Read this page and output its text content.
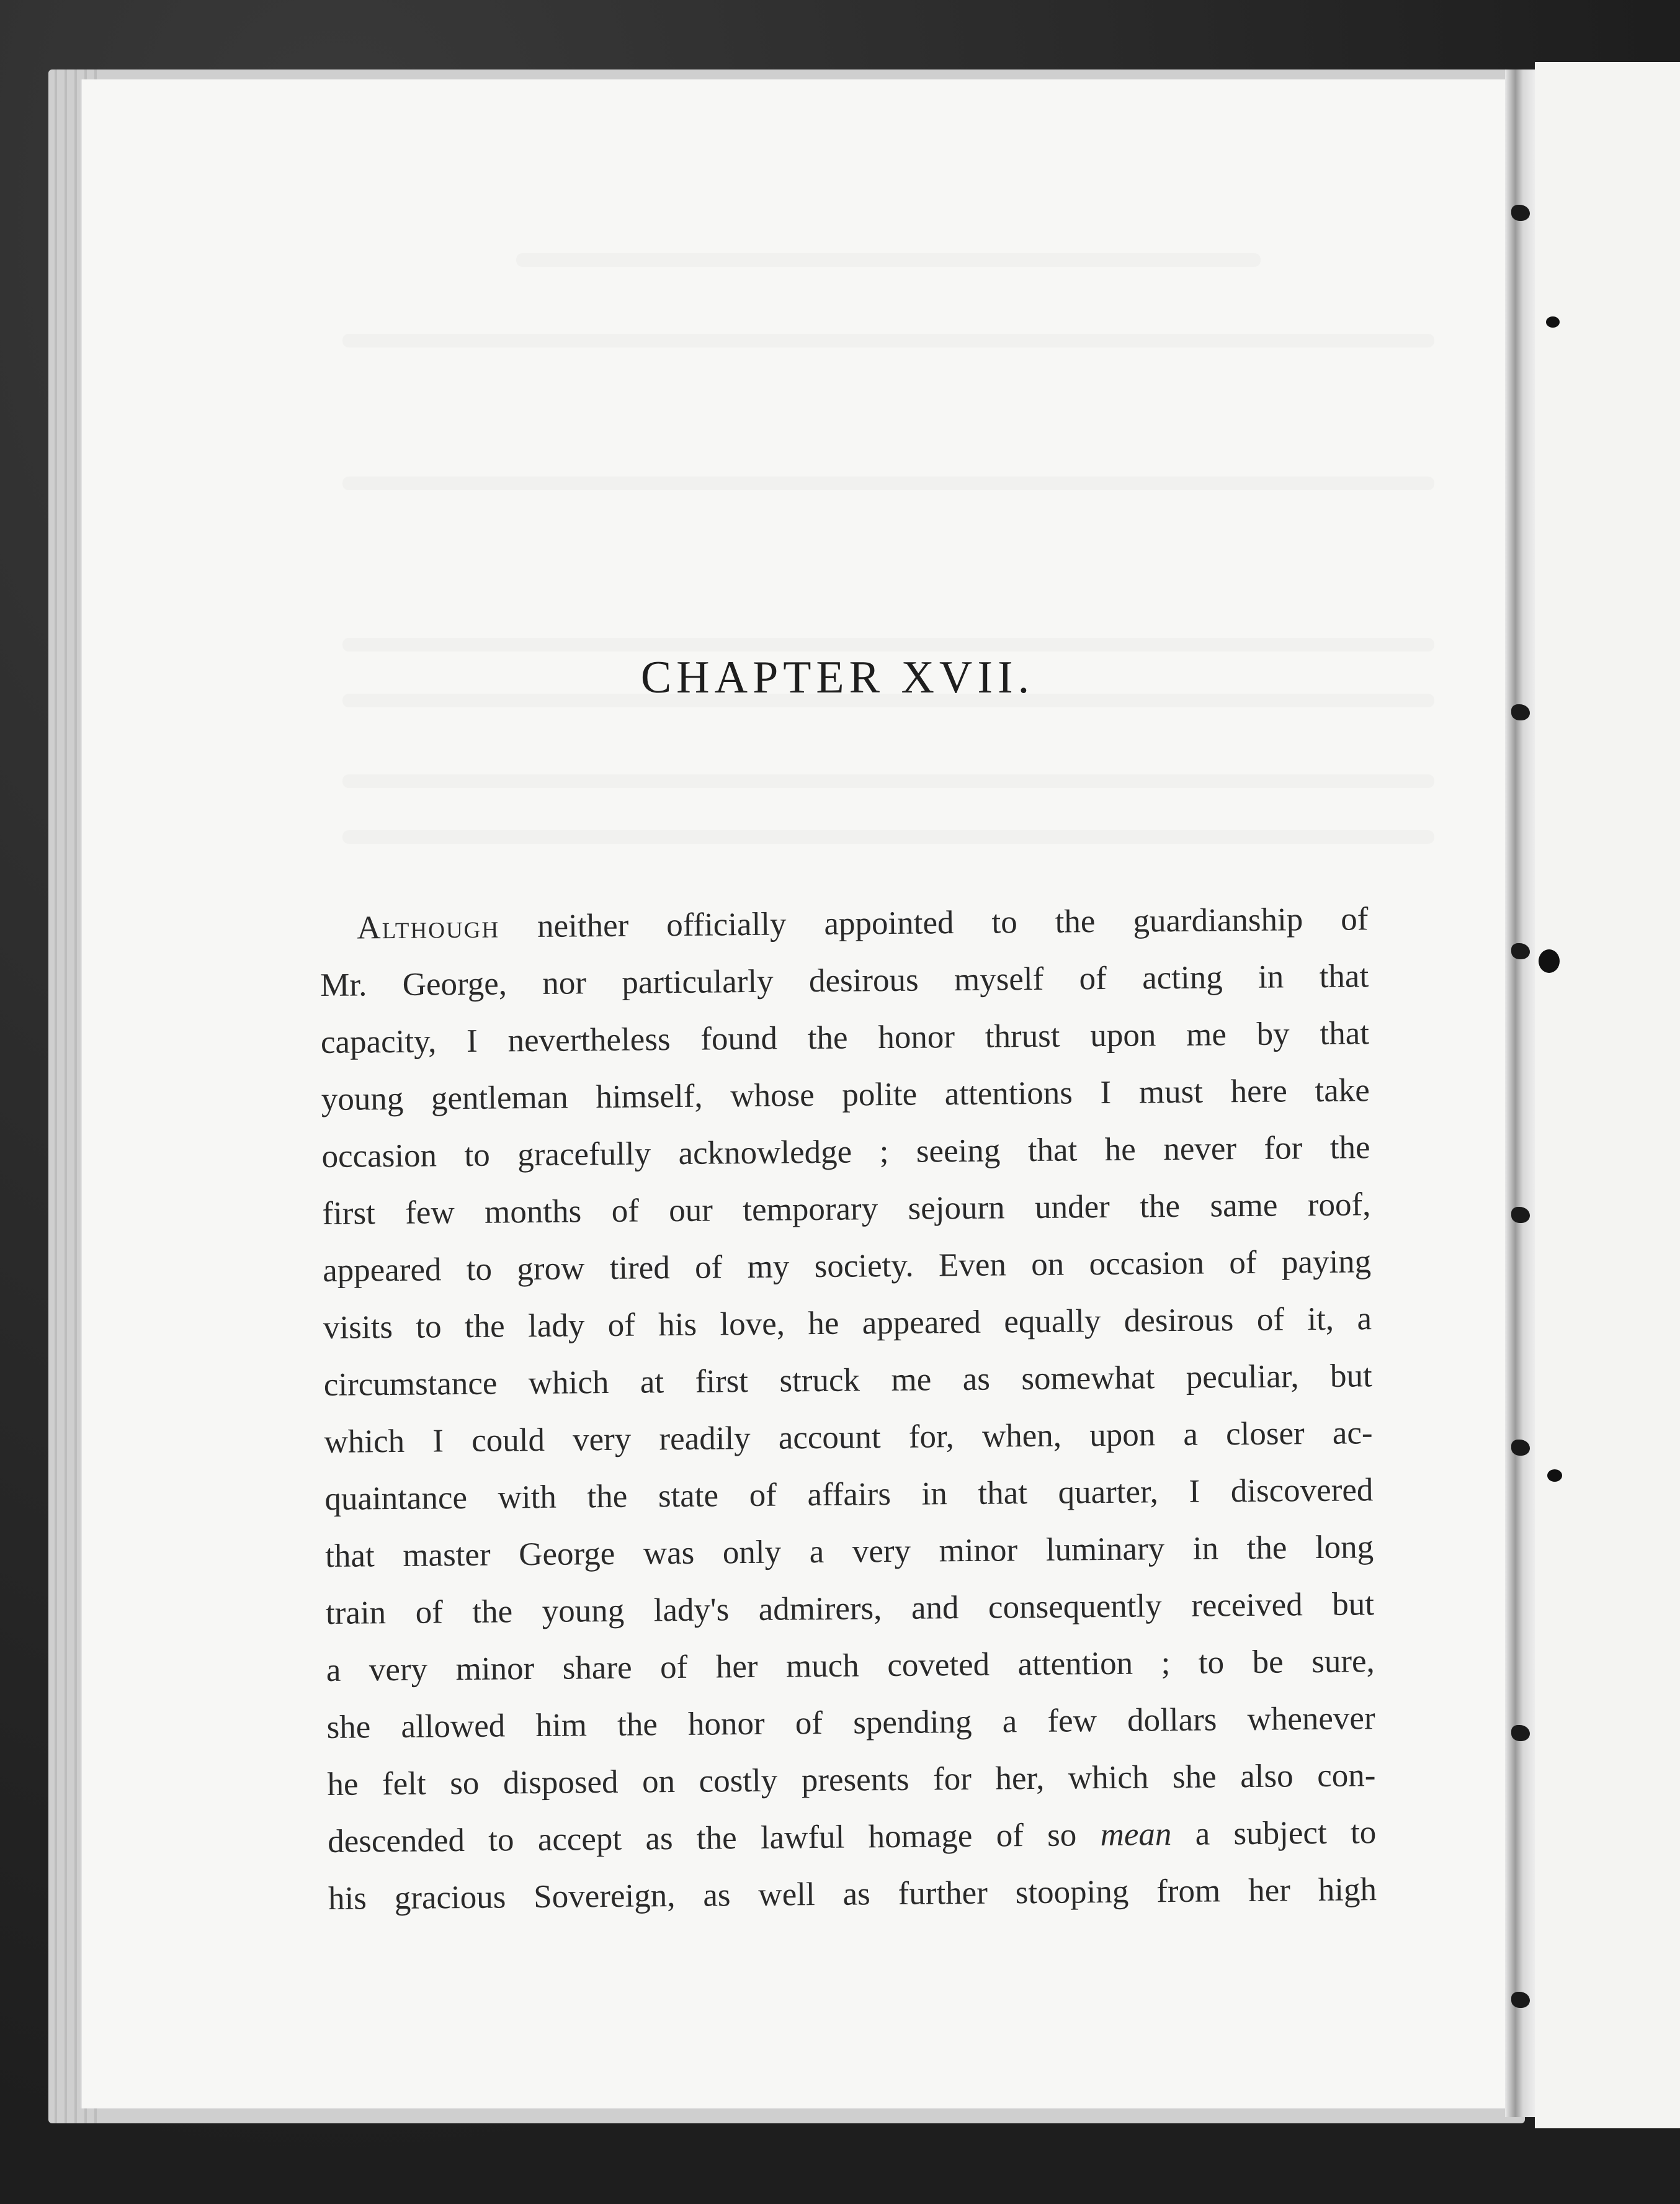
CHAPTER XVII.
Although neither officially appointed to the guardianship of
Mr. George, nor particularly desirous myself of acting in that
capacity, I nevertheless found the honor thrust upon me by that
young gentleman himself, whose polite attentions I must here take
occasion to gracefully acknowledge ; seeing that he never for the
first few months of our temporary sejourn under the same roof,
appeared to grow tired of my society. Even on occasion of paying
visits to the lady of his love, he appeared equally desirous of it, a
circumstance which at first struck me as somewhat peculiar, but
which I could very readily account for, when, upon a closer ac-
quaintance with the state of affairs in that quarter, I discovered
that master George was only a very minor luminary in the long
train of the young lady's admirers, and consequently received but
a very minor share of her much coveted attention ; to be sure,
she allowed him the honor of spending a few dollars whenever
he felt so disposed on costly presents for her, which she also con-
descended to accept as the lawful homage of so mean a subject to
his gracious Sovereign, as well as further stooping from her high
